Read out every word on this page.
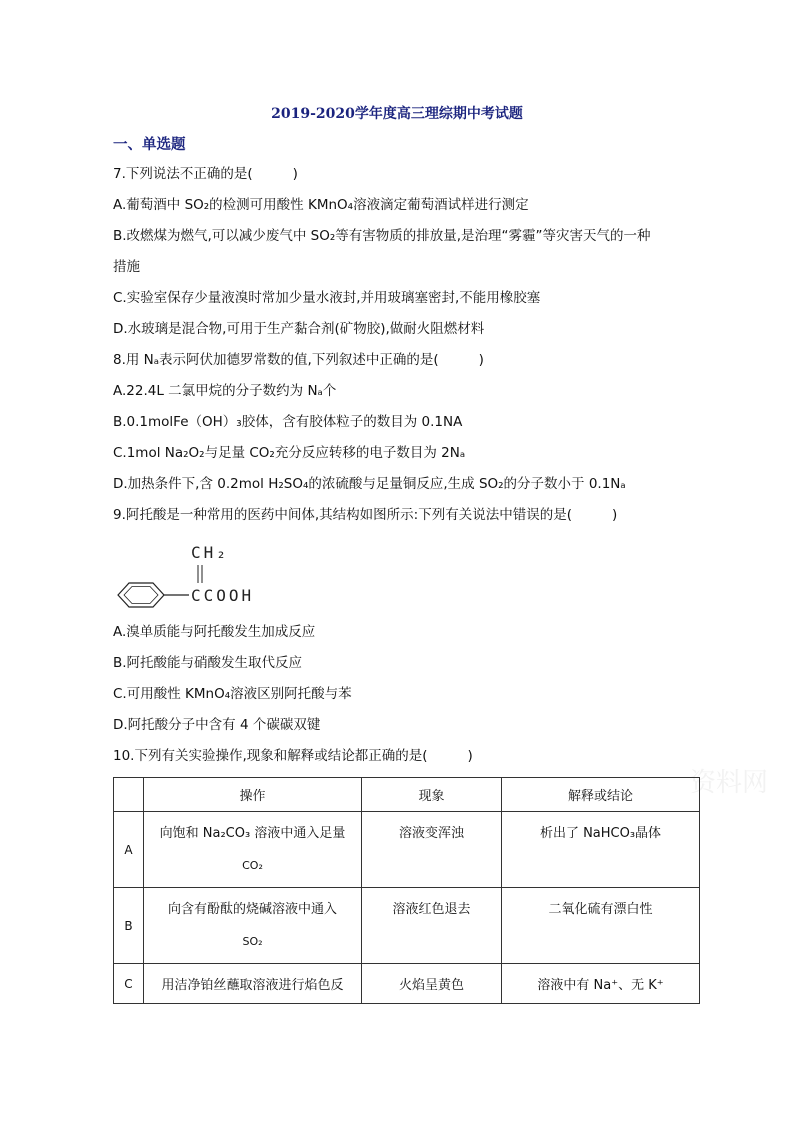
2019-2020学年度高三理综期中考试题
资料网
一、单选题
7.下列说法不正确的是(	)
A.葡萄酒中 SO₂的检测可用酸性 KMnO₄溶液滴定葡萄酒试样进行测定
B.改燃煤为燃气,可以减少废气中 SO₂等有害物质的排放量,是治理“雾霾”等灾害天气的一种
措施
C.实验室保存少量液溴时常加少量水液封,并用玻璃塞密封,不能用橡胶塞
D.水玻璃是混合物,可用于生产黏合剂(矿物胶),做耐火阻燃材料
8.用 Nₐ表示阿伏加德罗常数的值,下列叙述中正确的是(	)
A.22.4L 二氯甲烷的分子数约为 Nₐ个
B.0.1molFe（OH）₃胶体，含有胶体粒子的数目为 0.1NA
C.1mol Na₂O₂与足量 CO₂充分反应转移的电子数目为 2Nₐ
D.加热条件下,含 0.2mol H₂SO₄的浓硫酸与足量铜反应,生成 SO₂的分子数小于 0.1Nₐ
9.阿托酸是一种常用的医药中间体,其结构如图所示:下列有关说法中错误的是(	)
CH₂
CCOOH
A.溴单质能与阿托酸发生加成反应
B.阿托酸能与硝酸发生取代反应
C.可用酸性 KMnO₄溶液区别阿托酸与苯
D.阿托酸分子中含有 4 个碳碳双键
10.下列有关实验操作,现象和解释或结论都正确的是(	)
	操作	现象	解释或结论
A	向饱和 Na₂CO₃ 溶液中通入足量
CO₂	溶液变浑浊	析出了 NaHCO₃晶体
B	向含有酚酞的烧碱溶液中通入
SO₂	溶液红色退去	二氧化硫有漂白性
C	用洁净铂丝蘸取溶液进行焰色反	火焰呈黄色	溶液中有 Na⁺、无 K⁺
